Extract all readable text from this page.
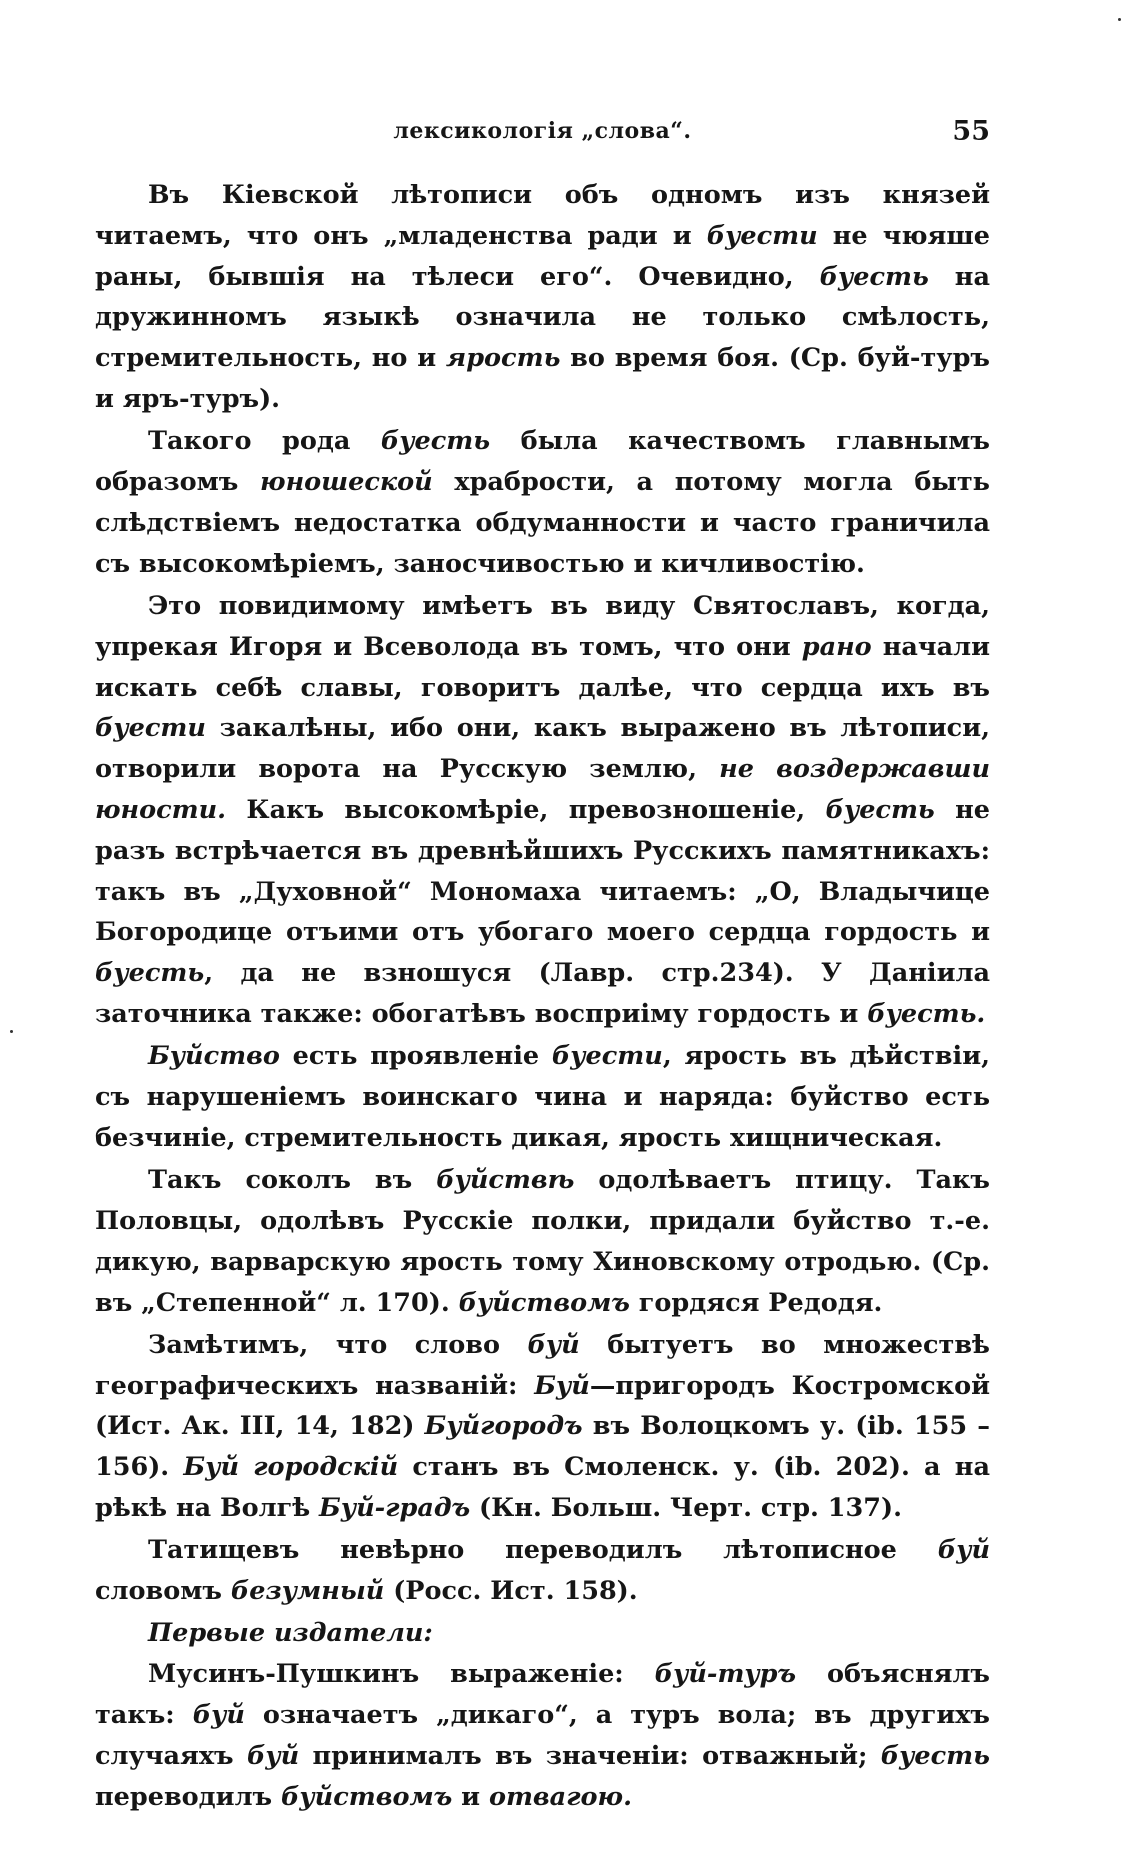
лексикологія „слова“.	55

Въ Кіевской лѣтописи объ одномъ изъ князей читаемъ, что онъ „младенства ради и буести не чюяше раны, бывшія на тѣлеси его“. Очевидно, буесть на дружинномъ языкѣ означила не только смѣлость, стремительность, но и ярость во время боя. (Ср. буй-туръ и яръ-туръ).

Такого рода буесть была качествомъ главнымъ образомъ юношеской храбрости, а потому могла быть слѣдствіемъ недостатка обдуманности и часто граничила съ высокомѣріемъ, заносчивостью и кичливостію.

Это повидимому имѣетъ въ виду Святославъ, когда, упрекая Игоря и Всеволода въ томъ, что они рано начали искать себѣ славы, говоритъ далѣе, что сердца ихъ въ буести закалѣны, ибо они, какъ выражено въ лѣтописи, отворили ворота на Русскую землю, не воздержавши юности. Какъ высокомѣріе, превозношеніе, буесть не разъ встрѣчается въ древнѣйшихъ Русскихъ памятникахъ: такъ въ „Духовной“ Мономаха читаемъ: „О, Владычице Богородице отъими отъ убогаго моего сердца гордость и буесть, да не взношуся (Лавр. стр.234). У Даніила заточника также: обогатѣвъ восприіму гордость и буесть.

Буйство есть проявленіе буести, ярость въ дѣйствіи, съ нарушеніемъ воинскаго чина и наряда: буйство есть безчиніе, стремительность дикая, ярость хищническая.

Такъ соколъ въ буйствѣ одолѣваетъ птицу. Такъ Половцы, одолѣвъ Русскіе полки, придали буйство т.-е. дикую, варварскую ярость тому Хиновскому отродью. (Ср. въ „Степенной“ л. 170). буйствомъ гордяся Редодя.

Замѣтимъ, что слово буй бытуетъ во множествѣ географическихъ названій: Буй—пригородъ Костромской (Ист. Ак. III, 14, 182) Буйгородъ въ Волоцкомъ у. (ib. 155 –156). Буй городскій станъ въ Смоленск. у. (ib. 202). а на рѣкѣ на Волгѣ Буй-градъ (Кн. Больш. Черт. стр. 137).

Татищевъ невѣрно переводилъ лѣтописное буй словомъ безумный (Росс. Ист. 158).

Первые издатели:

Мусинъ-Пушкинъ выраженіе: буй-туръ объяснялъ такъ: буй означаетъ „дикаго“, а туръ вола; въ другихъ случаяхъ буй принималъ въ значеніи: отважный; буесть переводилъ буйствомъ и отвагою.
